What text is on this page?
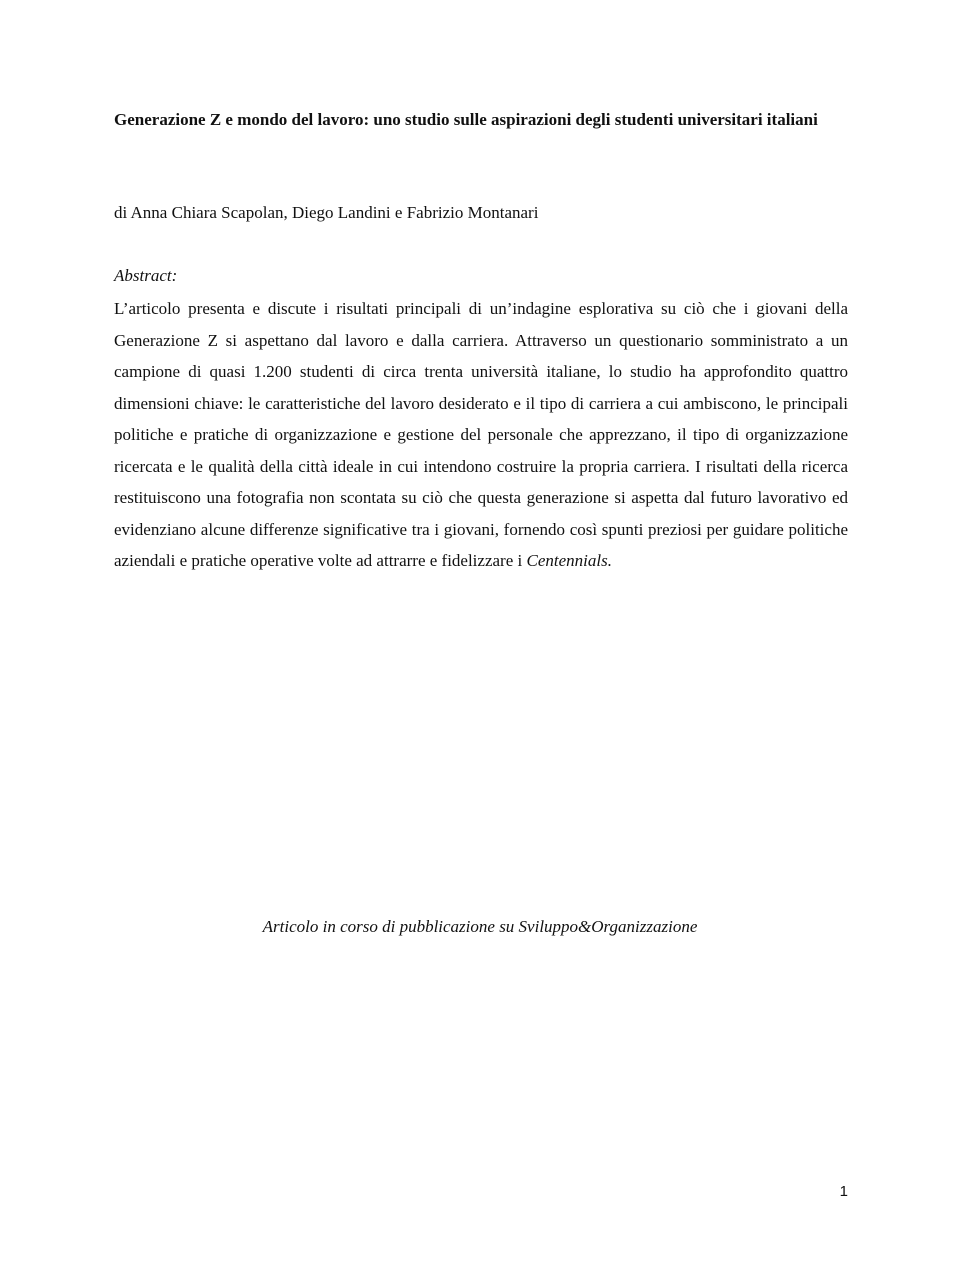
Generazione Z e mondo del lavoro: uno studio sulle aspirazioni degli studenti universitari italiani

di Anna Chiara Scapolan, Diego Landini e Fabrizio Montanari

Abstract:

L’articolo presenta e discute i risultati principali di un’indagine esplorativa su ciò che i giovani della Generazione Z si aspettano dal lavoro e dalla carriera. Attraverso un questionario somministrato a un campione di quasi 1.200 studenti di circa trenta università italiane, lo studio ha approfondito quattro dimensioni chiave: le caratteristiche del lavoro desiderato e il tipo di carriera a cui ambiscono, le principali politiche e pratiche di organizzazione e gestione del personale che apprezzano, il tipo di organizzazione ricercata e le qualità della città ideale in cui intendono costruire la propria carriera. I risultati della ricerca restituiscono una fotografia non scontata su ciò che questa generazione si aspetta dal futuro lavorativo ed evidenziano alcune differenze significative tra i giovani, fornendo così spunti preziosi per guidare politiche aziendali e pratiche operative volte ad attrarre e fidelizzare i Centennials.

Articolo in corso di pubblicazione su Sviluppo&Organizzazione

1
